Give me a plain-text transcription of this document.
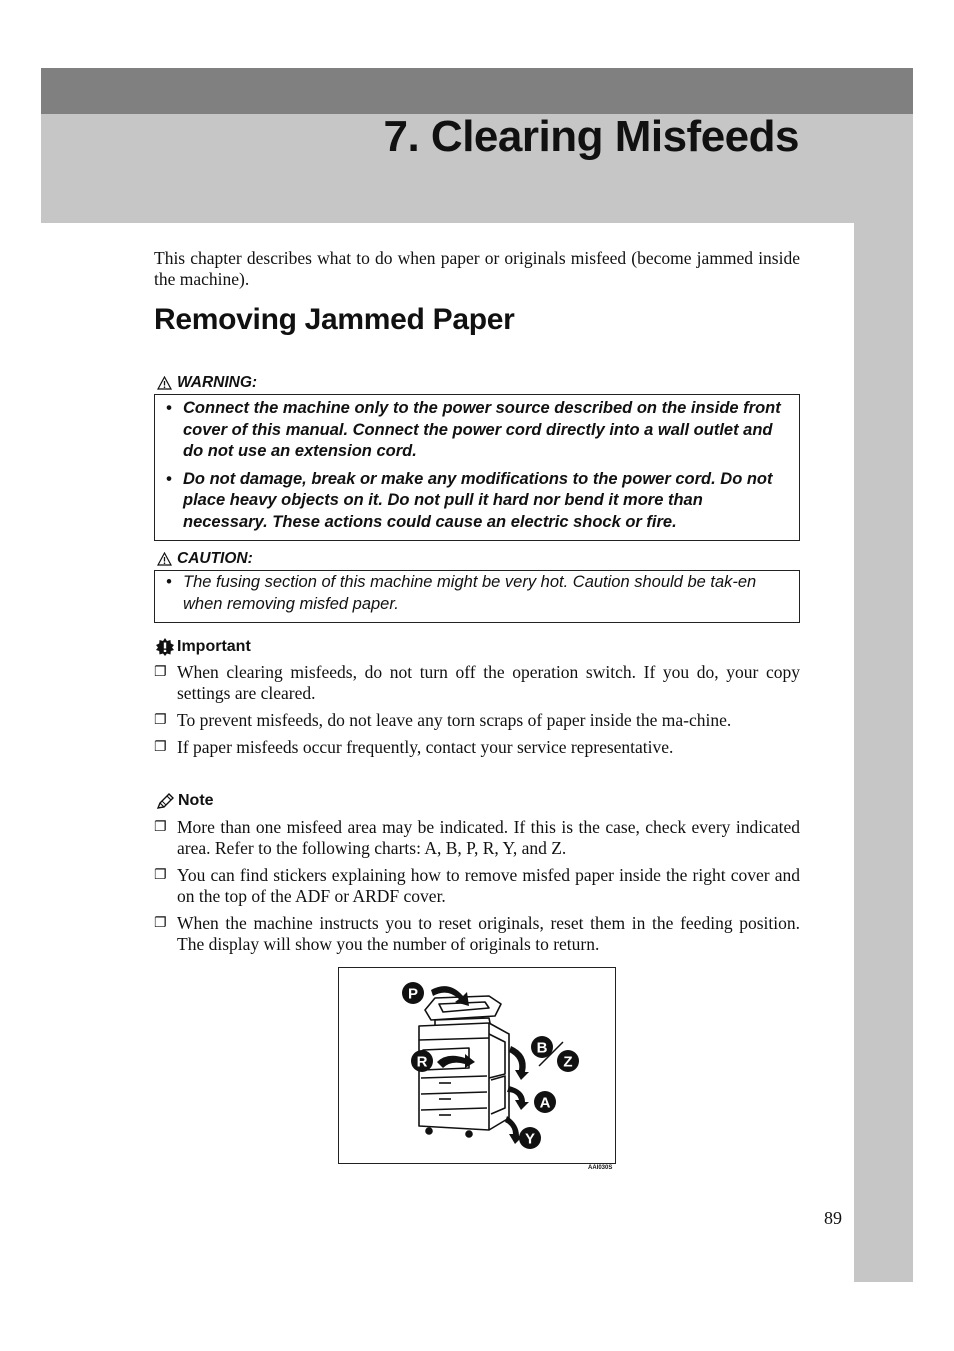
7. Clearing Misfeeds

This chapter describes what to do when paper or originals misfeed (become jammed inside the machine).

Removing Jammed Paper
WARNING:
• Connect the machine only to the power source described on the inside front cover of this manual. Connect the power cord directly into a wall outlet and do not use an extension cord.
• Do not damage, break or make any modifications to the power cord. Do not place heavy objects on it. Do not pull it hard nor bend it more than necessary. These actions could cause an electric shock or fire.
CAUTION:
• The fusing section of this machine might be very hot. Caution should be tak-en when removing misfed paper.
Important
❐ When clearing misfeeds, do not turn off the operation switch. If you do, your copy settings are cleared.
❐ To prevent misfeeds, do not leave any torn scraps of paper inside the ma-chine.
❐ If paper misfeeds occur frequently, contact your service representative.
Note
❐ More than one misfeed area may be indicated. If this is the case, check every indicated area. Refer to the following charts: A, B, P, R, Y, and Z.
❐ You can find stickers explaining how to remove misfed paper inside the right cover and on the top of the ADF or ARDF cover.
❐ When the machine instructs you to reset originals, reset them in the feeding position. The display will show you the number of originals to return.
P
R
B
Z
A
Y
AAI030S
89
